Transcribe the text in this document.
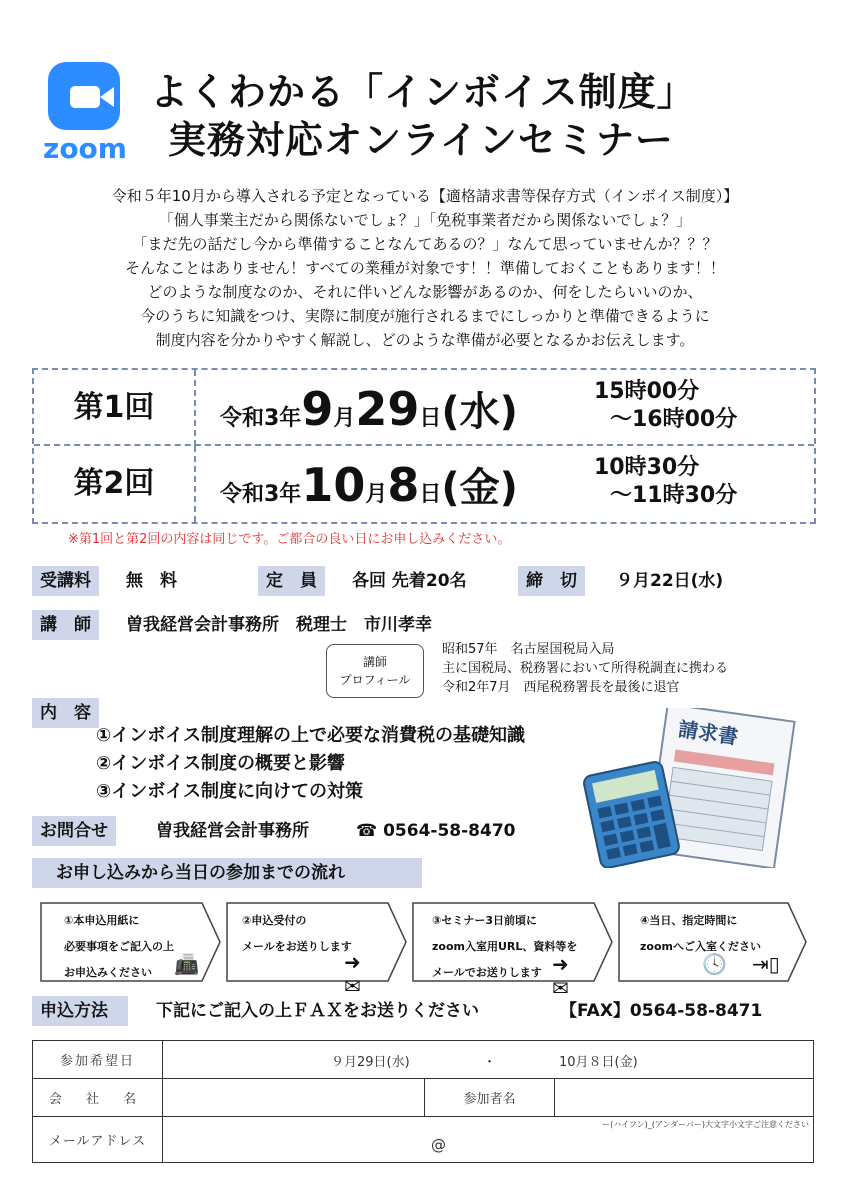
zoom
よくわかる「インボイス制度」
実務対応オンラインセミナー
令和５年10月から導入される予定となっている【適格請求書等保存方式（インボイス制度）】
「個人事業主だから関係ないでしょ？」「免税事業者だから関係ないでしょ？」
「まだ先の話だし今から準備することなんてあるの？」なんて思っていませんか？？？
そんなことはありません！すべての業種が対象です！！準備しておくこともあります！！
どのような制度なのか、それに伴いどんな影響があるのか、何をしたらいいのか、
今のうちに知識をつけ、実際に制度が施行されるまでにしっかりと準備できるように
制度内容を分かりやすく解説し、どのような準備が必要となるかお伝えします。
第1回	令和3年9月29日(水)	15時00分
～16時00分
第2回	令和3年10月8日(金)	10時30分
～11時30分
※第1回と第2回の内容は同じです。ご都合の良い日にお申し込みください。
受講料	無　料	定　員	各回 先着20名	締　切	９月22日(水)
講　師	曽我経営会計事務所　税理士　市川孝幸
講師
プロフィール
昭和57年　名古屋国税局入局
主に国税局、税務署において所得税調査に携わる
令和2年7月　西尾税務署長を最後に退官
内　容
①インボイス制度理解の上で必要な消費税の基礎知識
②インボイス制度の概要と影響
③インボイス制度に向けての対策
請求書
お問合せ	曽我経営会計事務所	☎ 0564-58-8470
お申し込みから当日の参加までの流れ
①本申込用紙に
必要事項をご記入の上
お申込みください	📠
②申込受付の
メールをお送りします
➜✉
③セミナー3日前頃に
zoom入室用URL、資料等を
メールでお送りします ➜✉
④当日、指定時間に
zoomへご入室ください
🕓 ⇥▯
申込方法	下記にご記入の上ＦＡＸをお送りください	【FAX】0564-58-8471
参加希望日	９月29日(水) ・ 10月８日(金)		

会 社 名		参加者名	
メールアドレス	ー(ハイフン)_(アンダーバー)大文字小文字ご注意ください
@		
